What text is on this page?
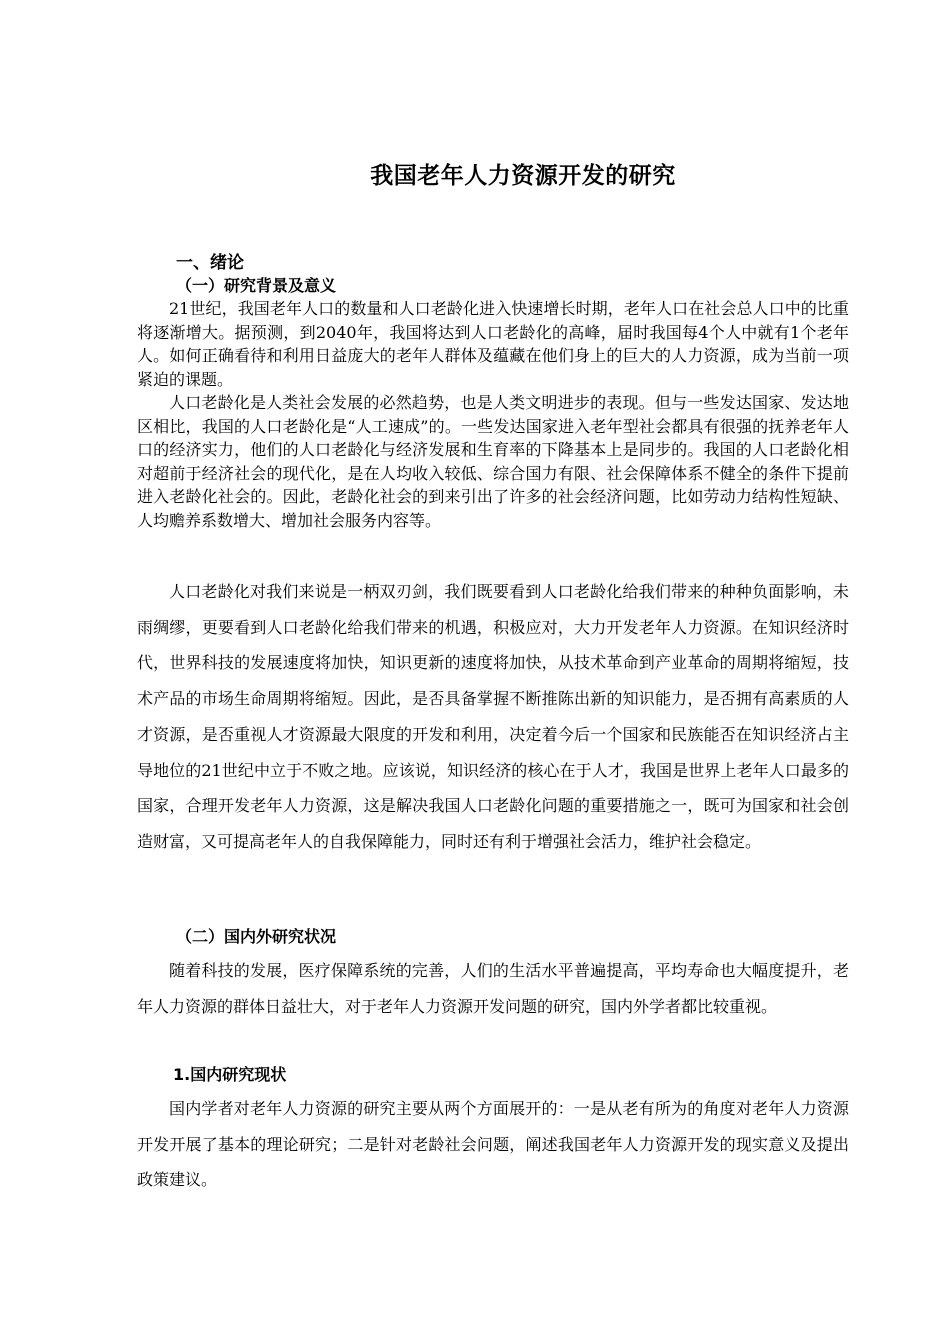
我国老年人力资源开发的研究
一、绪论
（一）研究背景及意义

21世纪，我国老年人口的数量和人口老龄化进入快速增长时期，老年人口在社会总人口中的比重将逐渐增大。据预测，到2040年，我国将达到人口老龄化的高峰，届时我国每4个人中就有1个老年人。如何正确看待和利用日益庞大的老年人群体及蕴藏在他们身上的巨大的人力资源，成为当前一项紧迫的课题。

人口老龄化是人类社会发展的必然趋势，也是人类文明进步的表现。但与一些发达国家、发达地区相比，我国的人口老龄化是“人工速成”的。一些发达国家进入老年型社会都具有很强的抚养老年人口的经济实力，他们的人口老龄化与经济发展和生育率的下降基本上是同步的。我国的人口老龄化相对超前于经济社会的现代化，是在人均收入较低、综合国力有限、社会保障体系不健全的条件下提前进入老龄化社会的。因此，老龄化社会的到来引出了许多的社会经济问题，比如劳动力结构性短缺、人均赡养系数增大、增加社会服务内容等。

人口老龄化对我们来说是一柄双刃剑，我们既要看到人口老龄化给我们带来的种种负面影响，未雨绸缪，更要看到人口老龄化给我们带来的机遇，积极应对，大力开发老年人力资源。在知识经济时代，世界科技的发展速度将加快，知识更新的速度将加快，从技术革命到产业革命的周期将缩短，技术产品的市场生命周期将缩短。因此，是否具备掌握不断推陈出新的知识能力，是否拥有高素质的人才资源，是否重视人才资源最大限度的开发和利用，决定着今后一个国家和民族能否在知识经济占主导地位的21世纪中立于不败之地。应该说，知识经济的核心在于人才，我国是世界上老年人口最多的国家，合理开发老年人力资源，这是解决我国人口老龄化问题的重要措施之一，既可为国家和社会创造财富，又可提高老年人的自我保障能力，同时还有利于增强社会活力，维护社会稳定。

（二）国内外研究状况

随着科技的发展，医疗保障系统的完善，人们的生活水平普遍提高，平均寿命也大幅度提升，老年人力资源的群体日益壮大，对于老年人力资源开发问题的研究，国内外学者都比较重视。

1.国内研究现状

国内学者对老年人力资源的研究主要从两个方面展开的：一是从老有所为的角度对老年人力资源开发开展了基本的理论研究；二是针对老龄社会问题，阐述我国老年人力资源开发的现实意义及提出政策建议。
